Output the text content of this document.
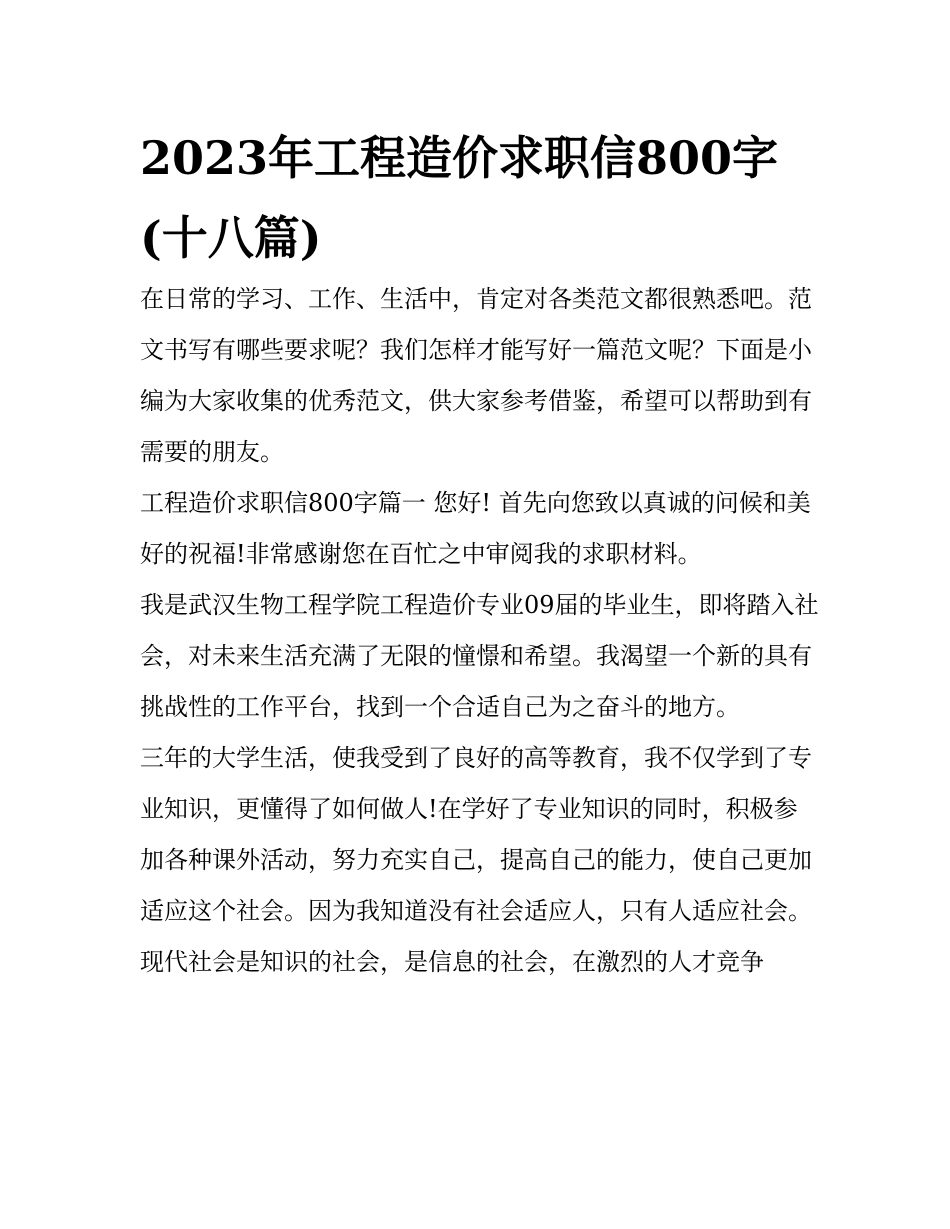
2023年工程造价求职信800字(十八篇)

在日常的学习、工作、生活中，肯定对各类范文都很熟悉吧。范文书写有哪些要求呢？我们怎样才能写好一篇范文呢？下面是小编为大家收集的优秀范文，供大家参考借鉴，希望可以帮助到有需要的朋友。

工程造价求职信800字篇一 您好! 首先向您致以真诚的问候和美好的祝福!非常感谢您在百忙之中审阅我的求职材料。

我是武汉生物工程学院工程造价专业09届的毕业生，即将踏入社会，对未来生活充满了无限的憧憬和希望。我渴望一个新的具有挑战性的工作平台，找到一个合适自己为之奋斗的地方。

三年的大学生活，使我受到了良好的高等教育，我不仅学到了专业知识，更懂得了如何做人!在学好了专业知识的同时，积极参加各种课外活动，努力充实自己，提高自己的能力，使自己更加适应这个社会。因为我知道没有社会适应人，只有人适应社会。

现代社会是知识的社会，是信息的社会，在激烈的人才竞争
